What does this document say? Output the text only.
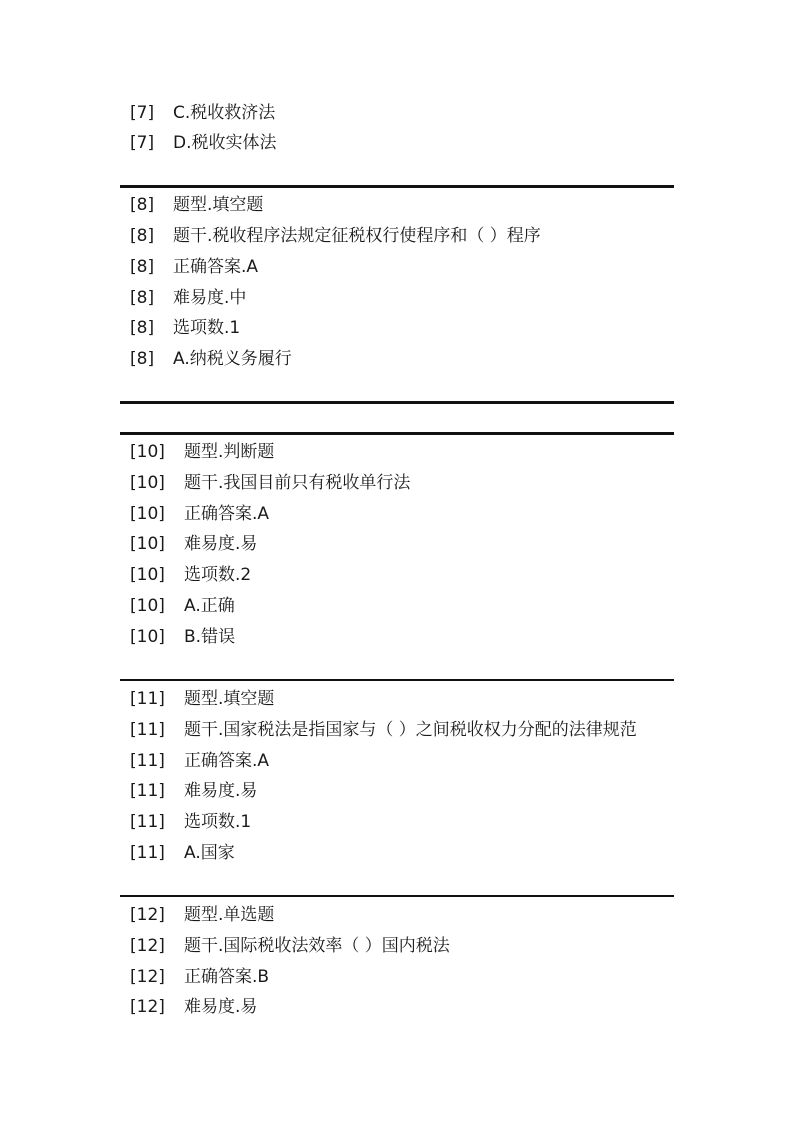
[7] C.税收救济法
[7] D.税收实体法
[8] 题型.填空题
[8] 题干.税收程序法规定征税权行使程序和（ ）程序
[8] 正确答案.A
[8] 难易度.中
[8] 选项数.1
[8] A.纳税义务履行
[10] 题型.判断题
[10] 题干.我国目前只有税收单行法
[10] 正确答案.A
[10] 难易度.易
[10] 选项数.2
[10] A.正确
[10] B.错误
[11] 题型.填空题
[11] 题干.国家税法是指国家与（ ）之间税收权力分配的法律规范
[11] 正确答案.A
[11] 难易度.易
[11] 选项数.1
[11] A.国家
[12] 题型.单选题
[12] 题干.国际税收法效率（ ）国内税法
[12] 正确答案.B
[12] 难易度.易
